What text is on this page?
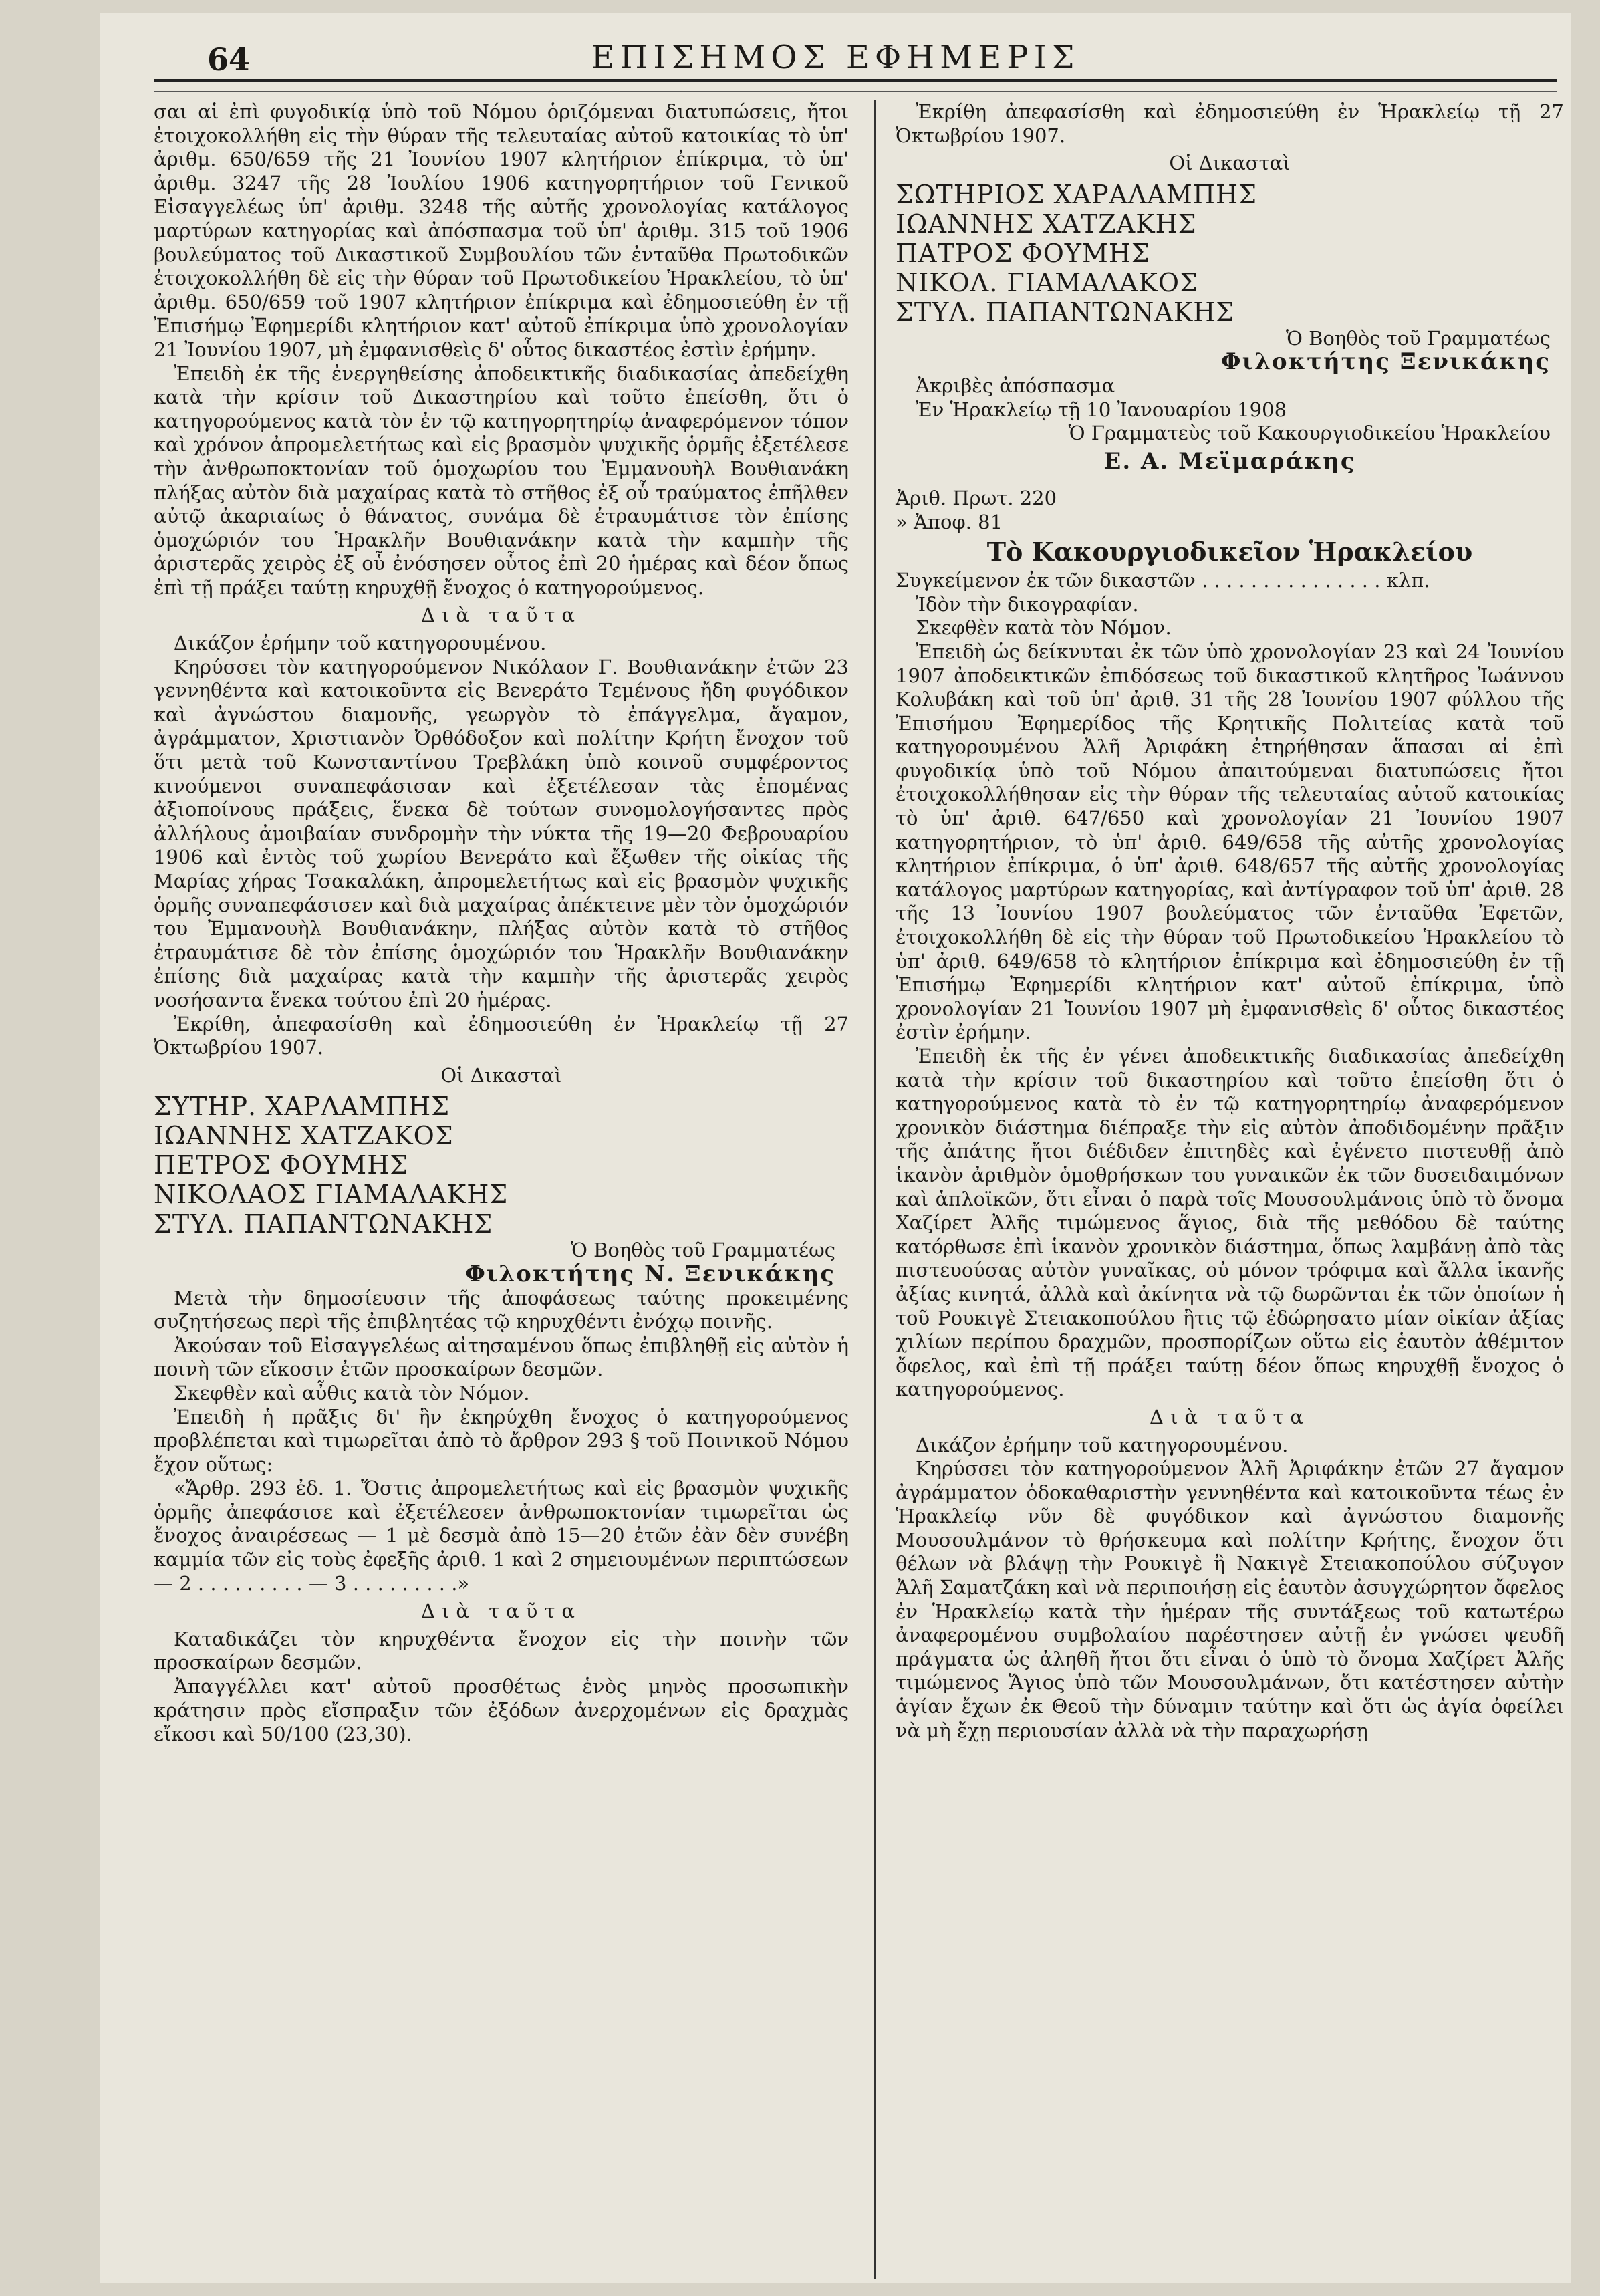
64	ΕΠΙΣΗΜΟΣ ΕΦΗΜΕΡΙΣ

σαι αἱ ἐπὶ φυγοδικίᾳ ὑπὸ τοῦ Νόμου ὁριζόμεναι διατυπώσεις, ἤτοι ἐτοιχοκολλήθη εἰς τὴν θύραν τῆς τελευταίας αὐτοῦ κατοικίας τὸ ὑπ' ἀριθμ. 650/659 τῆς 21 Ἰουνίου 1907 κλητήριον ἐπίκριμα, τὸ ὑπ' ἀριθμ. 3247 τῆς 28 Ἰουλίου 1906 κατηγορητήριον τοῦ Γενικοῦ Εἰσαγγελέως ὑπ' ἀριθμ. 3248 τῆς αὐτῆς χρονολογίας κατάλογος μαρτύρων κατηγορίας καὶ ἀπόσπασμα τοῦ ὑπ' ἀριθμ. 315 τοῦ 1906 βουλεύματος τοῦ Δικαστικοῦ Συμβουλίου τῶν ἐνταῦθα Πρωτοδικῶν ἐτοιχοκολλήθη δὲ εἰς τὴν θύραν τοῦ Πρωτοδικείου Ἡρακλείου, τὸ ὑπ' ἀριθμ. 650/659 τοῦ 1907 κλητήριον ἐπίκριμα καὶ ἐδημοσιεύθη ἐν τῇ Ἐπισήμῳ Ἐφημερίδι κλητήριον κατ' αὐτοῦ ἐπίκριμα ὑπὸ χρονολογίαν 21 Ἰουνίου 1907, μὴ ἐμφανισθεὶς δ' οὗτος δικαστέος ἐστὶν ἐρήμην.

Ἐπειδὴ ἐκ τῆς ἐνεργηθείσης ἀποδεικτικῆς διαδικασίας ἀπεδείχθη κατὰ τὴν κρίσιν τοῦ Δικαστηρίου καὶ τοῦτο ἐπείσθη, ὅτι ὁ κατηγορούμενος κατὰ τὸν ἐν τῷ κατηγορητηρίῳ ἀναφερόμενον τόπον καὶ χρόνον ἀπρομελετήτως καὶ εἰς βρασμὸν ψυχικῆς ὁρμῆς ἐξετέλεσε τὴν ἀνθρωποκτονίαν τοῦ ὁμοχωρίου του Ἐμμανουὴλ Βουθιανάκη πλήξας αὐτὸν διὰ μαχαίρας κατὰ τὸ στῆθος ἐξ οὗ τραύματος ἐπῆλθεν αὐτῷ ἀκαριαίως ὁ θάνατος, συνάμα δὲ ἐτραυμάτισε τὸν ἐπίσης ὁμοχώριόν του Ἡρακλῆν Βουθιανάκην κατὰ τὴν καμπὴν τῆς ἀριστερᾶς χειρὸς ἐξ οὗ ἐνόσησεν οὗτος ἐπὶ 20 ἡμέρας καὶ δέον ὅπως ἐπὶ τῇ πράξει ταύτῃ κηρυχθῇ ἔνοχος ὁ κατηγορούμενος.

Διὰ ταῦτα

Δικάζον ἐρήμην τοῦ κατηγορουμένου.

Κηρύσσει τὸν κατηγορούμενον Νικόλαον Γ. Βουθιανάκην ἐτῶν 23 γεννηθέντα καὶ κατοικοῦντα εἰς Βενεράτο Τεμένους ἤδη φυγόδικον καὶ ἀγνώστου διαμονῆς, γεωργὸν τὸ ἐπάγγελμα, ἄγαμον, ἀγράμματον, Χριστιανὸν Ὀρθόδοξον καὶ πολίτην Κρήτη ἔνοχον τοῦ ὅτι μετὰ τοῦ Κωνσταντίνου Τρεβλάκη ὑπὸ κοινοῦ συμφέροντος κινούμενοι συναπεφάσισαν καὶ ἐξετέλεσαν τὰς ἐπομένας ἀξιοποίνους πράξεις, ἕνεκα δὲ τούτων συνομολογήσαντες πρὸς ἀλλήλους ἀμοιβαίαν συνδρομὴν τὴν νύκτα τῆς 19—20 Φεβρουαρίου 1906 καὶ ἐντὸς τοῦ χωρίου Βενεράτο καὶ ἔξωθεν τῆς οἰκίας τῆς Μαρίας χήρας Τσακαλάκη, ἀπρομελετήτως καὶ εἰς βρασμὸν ψυχικῆς ὁρμῆς συναπεφάσισεν καὶ διὰ μαχαίρας ἀπέκτεινε μὲν τὸν ὁμοχώριόν του Ἐμμανουὴλ Βουθιανάκην, πλήξας αὐτὸν κατὰ τὸ στῆθος ἐτραυμάτισε δὲ τὸν ἐπίσης ὁμοχώριόν του Ἡρακλῆν Βουθιανάκην ἐπίσης διὰ μαχαίρας κατὰ τὴν καμπὴν τῆς ἀριστερᾶς χειρὸς νοσήσαντα ἕνεκα τούτου ἐπὶ 20 ἡμέρας.

Ἐκρίθη, ἀπεφασίσθη καὶ ἐδημοσιεύθη ἐν Ἡρακλείῳ τῇ 27 Ὀκτωβρίου 1907.

Οἱ Δικασταὶ

ΣΥΤΗΡ. ΧΑΡΛΑΜΠΗΣ

ΙΩΑΝΝΗΣ ΧΑΤΖΑΚΟΣ

ΠΕΤΡΟΣ ΦΟΥΜΗΣ

ΝΙΚΟΛΑΟΣ ΓΙΑΜΑΛΑΚΗΣ

ΣΤΥΛ. ΠΑΠΑΝΤΩΝΑΚΗΣ

Ὁ Βοηθὸς τοῦ Γραμματέως

Φιλοκτήτης Ν. Ξενικάκης

Μετὰ τὴν δημοσίευσιν τῆς ἀποφάσεως ταύτης προκειμένης συζητήσεως περὶ τῆς ἐπιβλητέας τῷ κηρυχθέντι ἐνόχῳ ποινῆς.

Ἀκούσαν τοῦ Εἰσαγγελέως αἰτησαμένου ὅπως ἐπιβληθῇ εἰς αὐτὸν ἡ ποινὴ τῶν εἴκοσιν ἐτῶν προσκαίρων δεσμῶν.

Σκεφθὲν καὶ αὖθις κατὰ τὸν Νόμον.

Ἐπειδὴ ἡ πρᾶξις δι' ἣν ἐκηρύχθη ἔνοχος ὁ κατηγορούμενος προβλέπεται καὶ τιμωρεῖται ἀπὸ τὸ ἄρθρον 293 § τοῦ Ποινικοῦ Νόμου ἔχον οὕτως:

«Ἄρθρ. 293 ἐδ. 1. Ὅστις ἀπρομελετήτως καὶ εἰς βρασμὸν ψυχικῆς ὁρμῆς ἀπεφάσισε καὶ ἐξετέλεσεν ἀνθρωποκτονίαν τιμωρεῖται ὡς ἔνοχος ἀναιρέσεως — 1 μὲ δεσμὰ ἀπὸ 15—20 ἐτῶν ἐὰν δὲν συνέβη καμμία τῶν εἰς τοὺς ἐφεξῆς ἀριθ. 1 καὶ 2 σημειουμένων περιπτώσεων — 2 . . . . . . . . . — 3 . . . . . . . . .»

Διὰ ταῦτα

Καταδικάζει τὸν κηρυχθέντα ἔνοχον εἰς τὴν ποινὴν τῶν προσκαίρων δεσμῶν.

Ἀπαγγέλλει κατ' αὐτοῦ προσθέτως ἑνὸς μηνὸς προσωπικὴν κράτησιν πρὸς εἴσπραξιν τῶν ἐξόδων ἀνερχομένων εἰς δραχμὰς εἴκοσι καὶ 50/100 (23,30).

Ἐκρίθη ἀπεφασίσθη καὶ ἐδημοσιεύθη ἐν Ἡρακλείῳ τῇ 27 Ὀκτωβρίου 1907.

Οἱ Δικασταὶ

ΣΩΤΗΡΙΟΣ ΧΑΡΑΛΑΜΠΗΣ

ΙΩΑΝΝΗΣ ΧΑΤΖΑΚΗΣ

ΠΑΤΡΟΣ ΦΟΥΜΗΣ

ΝΙΚΟΛ. ΓΙΑΜΑΛΑΚΟΣ

ΣΤΥΛ. ΠΑΠΑΝΤΩΝΑΚΗΣ

Ὁ Βοηθὸς τοῦ Γραμματέως

Φιλοκτήτης Ξενικάκης

Ἀκριβὲς ἀπόσπασμα

Ἐν Ἡρακλείῳ τῇ 10 Ἰανουαρίου 1908

Ὁ Γραμματεὺς τοῦ Κακουργιοδικείου Ἡρακλείου

Ε. Α. Μεϊμαράκης

Ἀριθ. Πρωτ. 220

» Ἀποφ. 81

Τὸ Κακουργιοδικεῖον Ἡρακλείου

Συγκείμενον ἐκ τῶν δικαστῶν . . . . . . . . . . . . . . . κλπ.

Ἰδὸν τὴν δικογραφίαν.

Σκεφθὲν κατὰ τὸν Νόμον.

Ἐπειδὴ ὡς δείκνυται ἐκ τῶν ὑπὸ χρονολογίαν 23 καὶ 24 Ἰουνίου 1907 ἀποδεικτικῶν ἐπιδόσεως τοῦ δικαστικοῦ κλητῆρος Ἰωάννου Κολυβάκη καὶ τοῦ ὑπ' ἀριθ. 31 τῆς 28 Ἰουνίου 1907 φύλλου τῆς Ἐπισήμου Ἐφημερίδος τῆς Κρητικῆς Πολιτείας κατὰ τοῦ κατηγορουμένου Ἀλῆ Ἀριφάκη ἐτηρήθησαν ἅπασαι αἱ ἐπὶ φυγοδικίᾳ ὑπὸ τοῦ Νόμου ἀπαιτούμεναι διατυπώσεις ἤτοι ἐτοιχοκολλήθησαν εἰς τὴν θύραν τῆς τελευταίας αὐτοῦ κατοικίας τὸ ὑπ' ἀριθ. 647/650 καὶ χρονολογίαν 21 Ἰουνίου 1907 κατηγορητήριον, τὸ ὑπ' ἀριθ. 649/658 τῆς αὐτῆς χρονολογίας κλητήριον ἐπίκριμα, ὁ ὑπ' ἀριθ. 648/657 τῆς αὐτῆς χρονολογίας κατάλογος μαρτύρων κατηγορίας, καὶ ἀντίγραφον τοῦ ὑπ' ἀριθ. 28 τῆς 13 Ἰουνίου 1907 βουλεύματος τῶν ἐνταῦθα Ἐφετῶν, ἐτοιχοκολλήθη δὲ εἰς τὴν θύραν τοῦ Πρωτοδικείου Ἡρακλείου τὸ ὑπ' ἀριθ. 649/658 τὸ κλητήριον ἐπίκριμα καὶ ἐδημοσιεύθη ἐν τῇ Ἐπισήμῳ Ἐφημερίδι κλητήριον κατ' αὐτοῦ ἐπίκριμα, ὑπὸ χρονολογίαν 21 Ἰουνίου 1907 μὴ ἐμφανισθεὶς δ' οὗτος δικαστέος ἐστὶν ἐρήμην.

Ἐπειδὴ ἐκ τῆς ἐν γένει ἀποδεικτικῆς διαδικασίας ἀπεδείχθη κατὰ τὴν κρίσιν τοῦ δικαστηρίου καὶ τοῦτο ἐπείσθη ὅτι ὁ κατηγορούμενος κατὰ τὸ ἐν τῷ κατηγορητηρίῳ ἀναφερόμενον χρονικὸν διάστημα διέπραξε τὴν εἰς αὐτὸν ἀποδιδομένην πρᾶξιν τῆς ἀπάτης ἤτοι διέδιδεν ἐπιτηδὲς καὶ ἐγένετο πιστευθῇ ἀπὸ ἱκανὸν ἀριθμὸν ὁμοθρήσκων του γυναικῶν ἐκ τῶν δυσειδαιμόνων καὶ ἁπλοϊκῶν, ὅτι εἶναι ὁ παρὰ τοῖς Μουσουλμάνοις ὑπὸ τὸ ὄνομα Χαζίρετ Ἀλῆς τιμώμενος ἅγιος, διὰ τῆς μεθόδου δὲ ταύτης κατόρθωσε ἐπὶ ἱκανὸν χρονικὸν διάστημα, ὅπως λαμβάνῃ ἀπὸ τὰς πιστευούσας αὐτὸν γυναῖκας, οὐ μόνον τρόφιμα καὶ ἄλλα ἱκανῆς ἀξίας κινητά, ἀλλὰ καὶ ἀκίνητα νὰ τῷ δωρῶνται ἐκ τῶν ὁποίων ἡ τοῦ Ρουκιγὲ Στειακοπούλου ἣτις τῷ ἐδώρησατο μίαν οἰκίαν ἀξίας χιλίων περίπου δραχμῶν, προσπορίζων οὕτω εἰς ἑαυτὸν ἀθέμιτον ὄφελος, καὶ ἐπὶ τῇ πράξει ταύτῃ δέον ὅπως κηρυχθῇ ἔνοχος ὁ κατηγορούμενος.

Διὰ ταῦτα

Δικάζον ἐρήμην τοῦ κατηγορουμένου.

Κηρύσσει τὸν κατηγορούμενον Ἀλῆ Ἀριφάκην ἐτῶν 27 ἄγαμον ἀγράμματον ὁδοκαθαριστὴν γεννηθέντα καὶ κατοικοῦντα τέως ἐν Ἡρακλείῳ νῦν δὲ φυγόδικον καὶ ἀγνώστου διαμονῆς Μουσουλμάνον τὸ θρήσκευμα καὶ πολίτην Κρήτης, ἔνοχον ὅτι θέλων νὰ βλάψῃ τὴν Ρουκιγὲ ἢ Νακιγὲ Στειακοπούλου σύζυγον Ἀλῆ Σαματζάκη καὶ νὰ περιποιήσῃ εἰς ἑαυτὸν ἀσυγχώρητον ὄφελος ἐν Ἡρακλείῳ κατὰ τὴν ἡμέραν τῆς συντάξεως τοῦ κατωτέρω ἀναφερομένου συμβολαίου παρέστησεν αὐτῇ ἐν γνώσει ψευδῆ πράγματα ὡς ἀληθῆ ἤτοι ὅτι εἶναι ὁ ὑπὸ τὸ ὄνομα Χαζίρετ Ἀλῆς τιμώμενος Ἅγιος ὑπὸ τῶν Μουσουλμάνων, ὅτι κατέστησεν αὐτὴν ἁγίαν ἔχων ἐκ Θεοῦ τὴν δύναμιν ταύτην καὶ ὅτι ὡς ἁγία ὀφείλει νὰ μὴ ἔχῃ περιουσίαν ἀλλὰ νὰ τὴν παραχωρήσῃ
